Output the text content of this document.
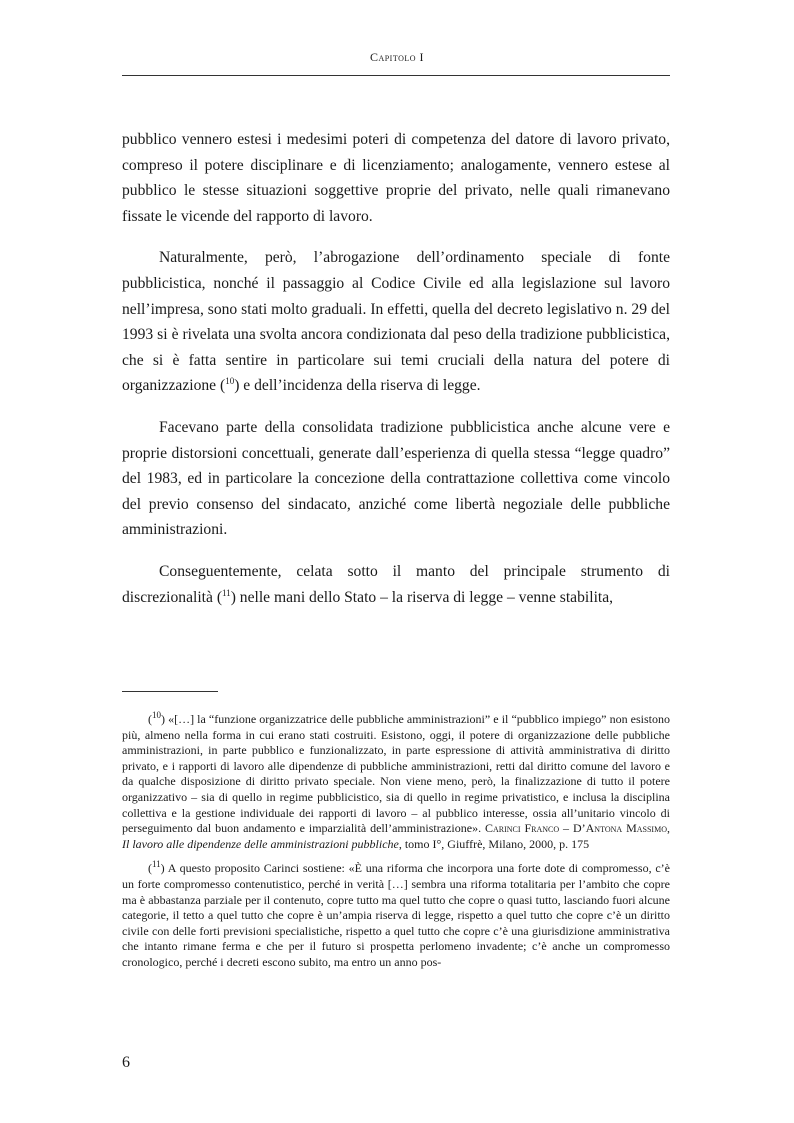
Capitolo I

pubblico vennero estesi i medesimi poteri di competenza del datore di lavoro privato, compreso il potere disciplinare e di licenziamento; analogamente, vennero estese al pubblico le stesse situazioni soggettive proprie del privato, nelle quali rimanevano fissate le vicende del rapporto di lavoro.

Naturalmente, però, l’abrogazione dell’ordinamento speciale di fonte pubblicistica, nonché il passaggio al Codice Civile ed alla legislazione sul lavoro nell’impresa, sono stati molto graduali. In effetti, quella del decreto legislativo n. 29 del 1993 si è rivelata una svolta ancora condizionata dal peso della tradizione pubblicistica, che si è fatta sentire in particolare sui temi cruciali della natura del potere di organizzazione ($^{10}$) e dell’incidenza della riserva di legge.

Facevano parte della consolidata tradizione pubblicistica anche alcune vere e proprie distorsioni concettuali, generate dall’esperienza di quella stessa “legge quadro” del 1983, ed in particolare la concezione della contrattazione collettiva come vincolo del previo consenso del sindacato, anziché come libertà negoziale delle pubbliche amministrazioni.

Conseguentemente, celata sotto il manto del principale strumento di discrezionalità ($^{11}$) nelle mani dello Stato – la riserva di legge – venne stabilita,

($^{10}$) «[…] la “funzione organizzatrice delle pubbliche amministrazioni” e il “pubblico impiego” non esistono più, almeno nella forma in cui erano stati costruiti. Esistono, oggi, il potere di organizzazione delle pubbliche amministrazioni, in parte pubblico e funzionalizzato, in parte espressione di attività amministrativa di diritto privato, e i rapporti di lavoro alle dipendenze di pubbliche amministrazioni, retti dal diritto comune del lavoro e da qualche disposizione di diritto privato speciale. Non viene meno, però, la finalizzazione di tutto il potere organizzativo – sia di quello in regime pubblicistico, sia di quello in regime privatistico, e inclusa la disciplina collettiva e la gestione individuale dei rapporti di lavoro – al pubblico interesse, ossia all’unitario vincolo di perseguimento dal buon andamento e imparzialità dell’amministrazione». Carinci Franco – D’Antona Massimo, Il lavoro alle dipendenze delle amministrazioni pubbliche, tomo I°, Giuffrè, Milano, 2000, p. 175

($^{11}$) A questo proposito Carinci sostiene: «È una riforma che incorpora una forte dote di compromesso, c’è un forte compromesso contenutistico, perché in verità […] sembra una riforma totalitaria per l’ambito che copre ma è abbastanza parziale per il contenuto, copre tutto ma quel tutto che copre o quasi tutto, lasciando fuori alcune categorie, il tetto a quel tutto che copre è un’ampia riserva di legge, rispetto a quel tutto che copre c’è un diritto civile con delle forti previsioni specialistiche, rispetto a quel tutto che copre c’è una giurisdizione amministrativa che intanto rimane ferma e che per il futuro si prospetta perlomeno invadente; c’è anche un compromesso cronologico, perché i decreti escono subito, ma entro un anno pos-

6
